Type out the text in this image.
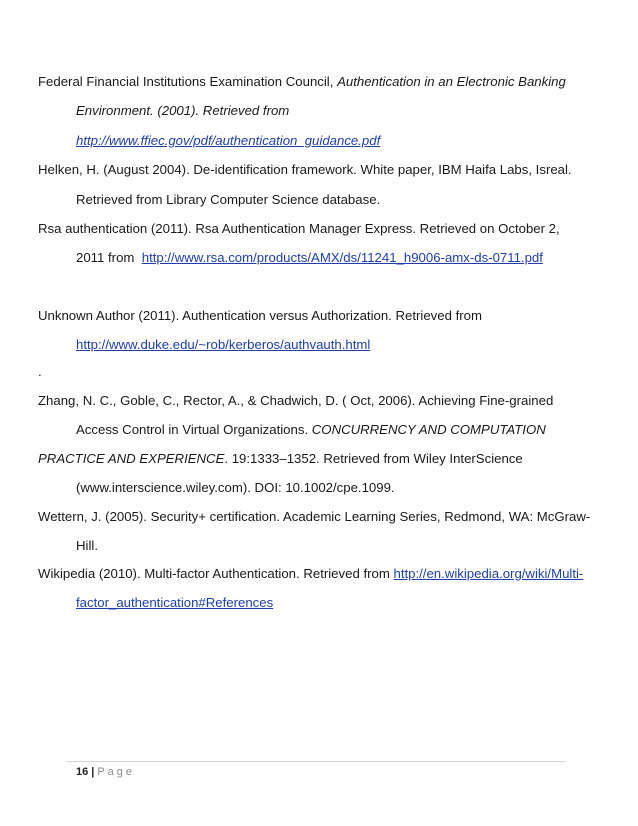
Federal Financial Institutions Examination Council, Authentication in an Electronic Banking
Environment. (2001). Retrieved from
http://www.ffiec.gov/pdf/authentication_guidance.pdf
Helken, H. (August 2004). De-identification framework. White paper, IBM Haifa Labs, Isreal.
Retrieved from Library Computer Science database.
Rsa authentication (2011). Rsa Authentication Manager Express. Retrieved on October 2,
2011 from  http://www.rsa.com/products/AMX/ds/11241_h9006-amx-ds-0711.pdf
Unknown Author (2011). Authentication versus Authorization. Retrieved from
http://www.duke.edu/~rob/kerberos/authvauth.html
.
Zhang, N. C., Goble, C., Rector, A., & Chadwich, D. ( Oct, 2006). Achieving Fine-grained
Access Control in Virtual Organizations. CONCURRENCY AND COMPUTATION
PRACTICE AND EXPERIENCE. 19:1333–1352. Retrieved from Wiley InterScience
(www.interscience.wiley.com). DOI: 10.1002/cpe.1099.
Wettern, J. (2005). Security+ certification. Academic Learning Series, Redmond, WA: McGraw-
Hill.
Wikipedia (2010). Multi-factor Authentication. Retrieved from http://en.wikipedia.org/wiki/Multi-
factor_authentication#References
16 | Page
